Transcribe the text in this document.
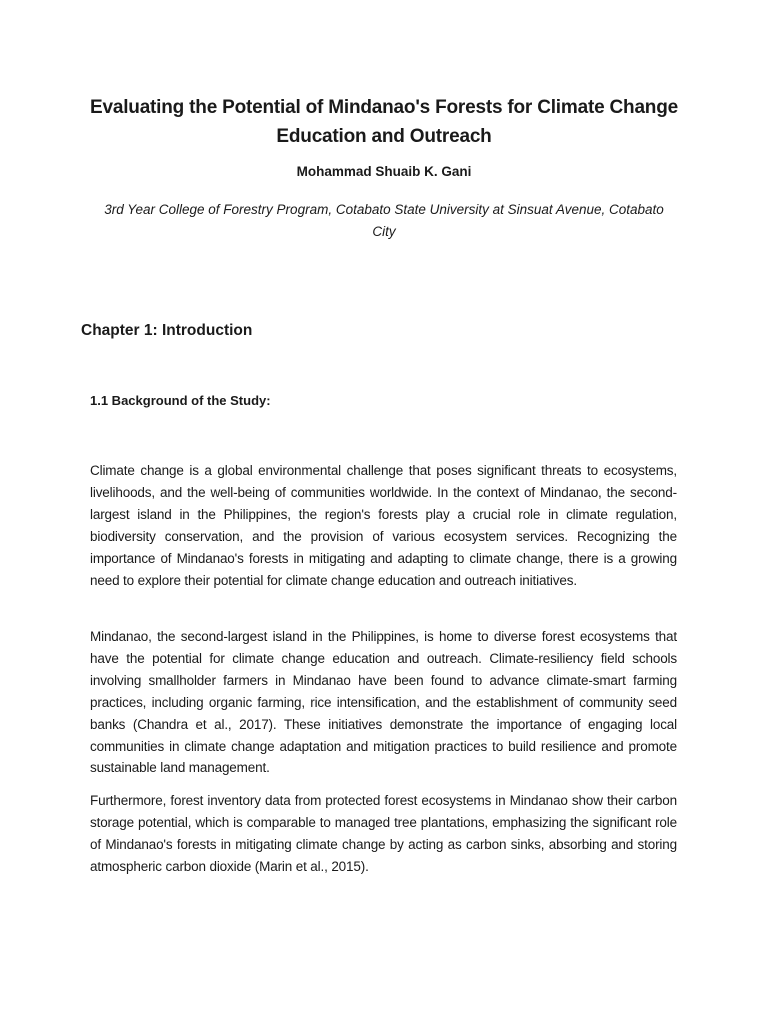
Evaluating the Potential of Mindanao's Forests for Climate Change Education and Outreach

Mohammad Shuaib K. Gani

3rd Year College of Forestry Program, Cotabato State University at Sinsuat Avenue, Cotabato City

Chapter 1: Introduction
1.1 Background of the Study:

Climate change is a global environmental challenge that poses significant threats to ecosystems, livelihoods, and the well-being of communities worldwide. In the context of Mindanao, the second-largest island in the Philippines, the region's forests play a crucial role in climate regulation, biodiversity conservation, and the provision of various ecosystem services. Recognizing the importance of Mindanao's forests in mitigating and adapting to climate change, there is a growing need to explore their potential for climate change education and outreach initiatives.

Mindanao, the second-largest island in the Philippines, is home to diverse forest ecosystems that have the potential for climate change education and outreach. Climate-resiliency field schools involving smallholder farmers in Mindanao have been found to advance climate-smart farming practices, including organic farming, rice intensification, and the establishment of community seed banks (Chandra et al., 2017). These initiatives demonstrate the importance of engaging local communities in climate change adaptation and mitigation practices to build resilience and promote sustainable land management.

Furthermore, forest inventory data from protected forest ecosystems in Mindanao show their carbon storage potential, which is comparable to managed tree plantations, emphasizing the significant role of Mindanao's forests in mitigating climate change by acting as carbon sinks, absorbing and storing atmospheric carbon dioxide (Marin et al., 2015).
